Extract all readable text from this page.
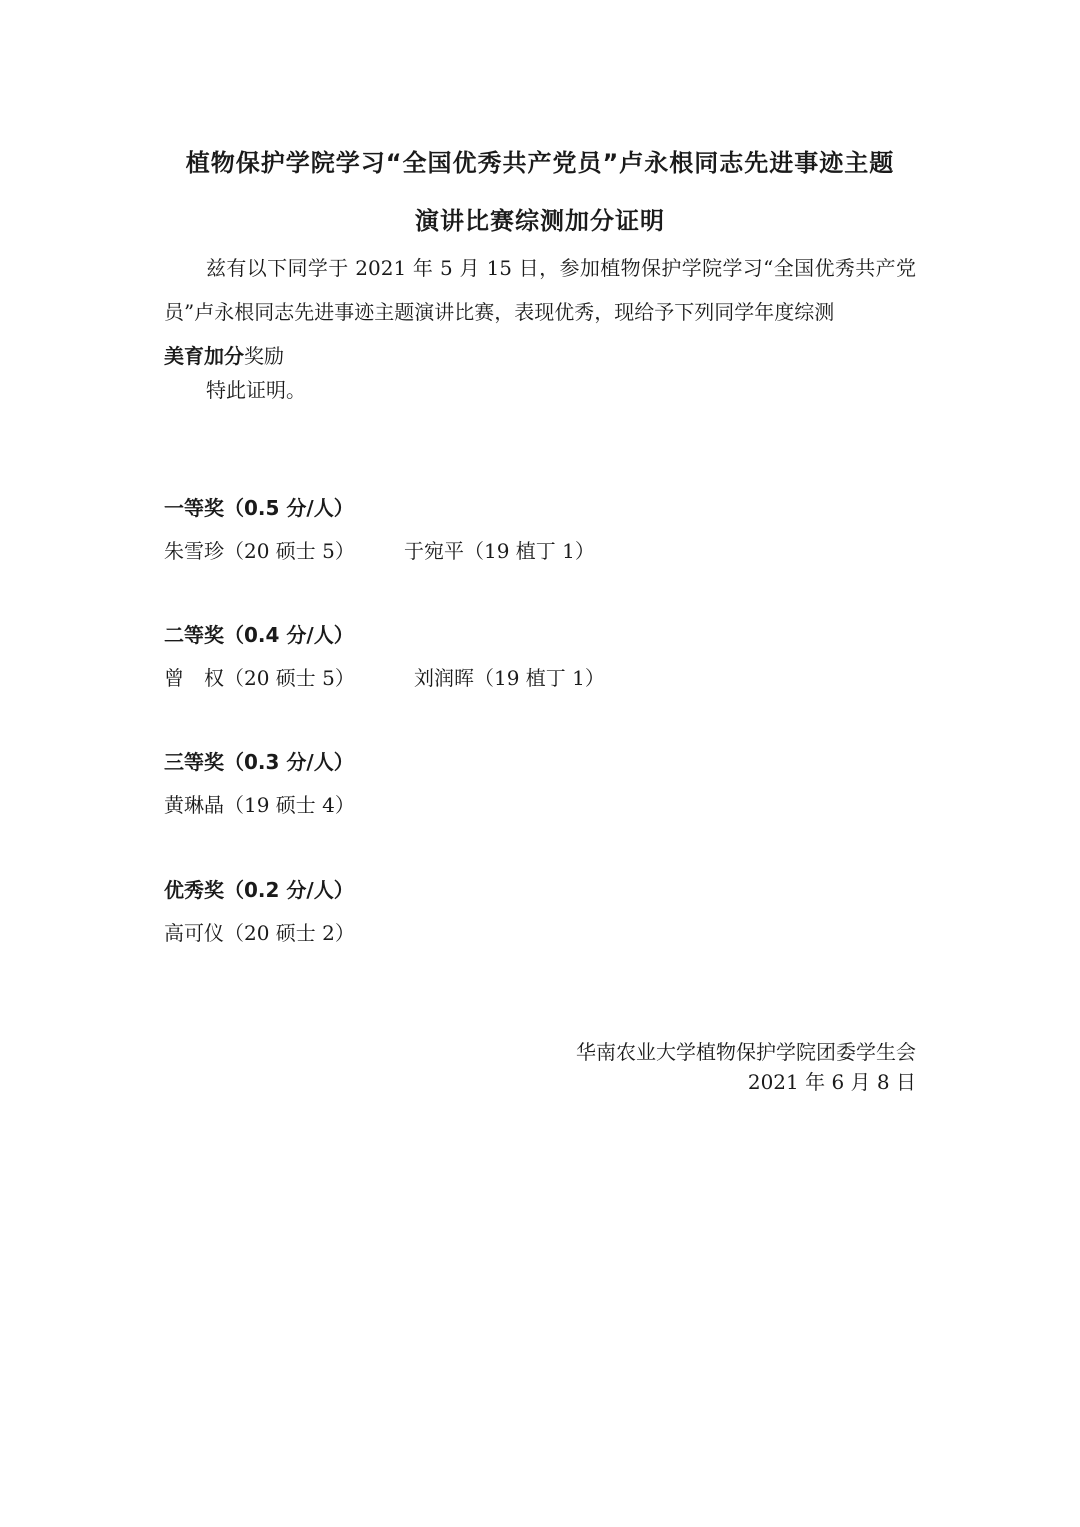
植物保护学院学习“全国优秀共产党员”卢永根同志先进事迹主题
演讲比赛综测加分证明
兹有以下同学于 2021 年 5 月 15 日，参加植物保护学院学习“全国优秀共产党员”卢永根同志先进事迹主题演讲比赛，表现优秀，现给予下列同学年度综测
美育加分奖励
特此证明。
一等奖（0.5 分/人）
朱雪珍（20 硕士 5） 于宛平（19 植丁 1）
二等奖（0.4 分/人）
曾　权（20 硕士 5）	刘润晖（19 植丁 1）
三等奖（0.3 分/人）
黄琳晶（19 硕士 4）
优秀奖（0.2 分/人）
高可仪（20 硕士 2）
华南农业大学植物保护学院团委学生会
2021 年 6 月 8 日
